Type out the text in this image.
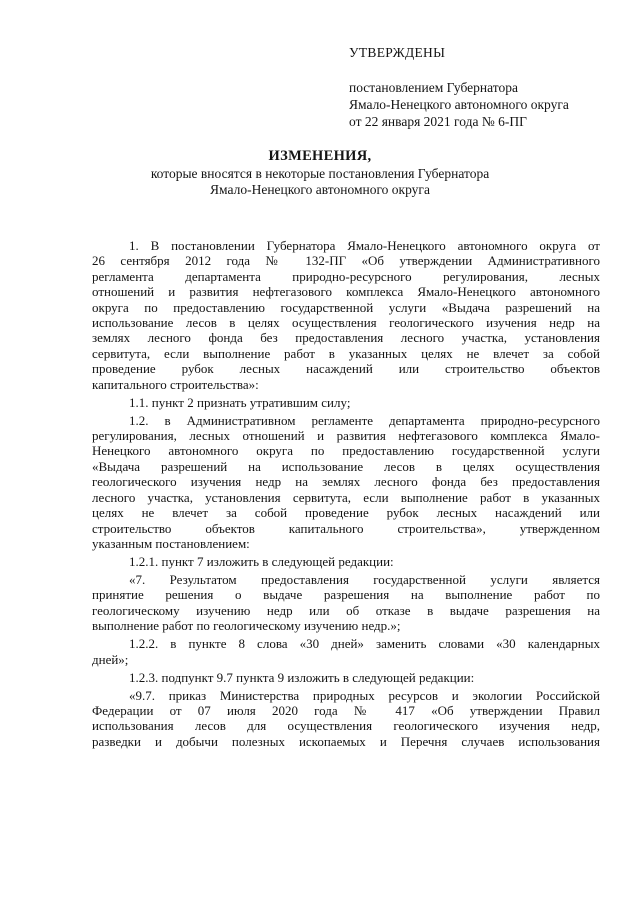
УТВЕРЖДЕНЫ
постановлением Губернатора
Ямало-Ненецкого автономного округа
от 22 января 2021 года № 6-ПГ
ИЗМЕНЕНИЯ,
которые вносятся в некоторые постановления Губернатора
Ямало-Ненецкого автономного округа
1. В постановлении Губернатора Ямало-Ненецкого автономного округа от
26 сентября 2012 года № 132-ПГ «Об утверждении Административного
регламента департамента природно-ресурсного регулирования, лесных
отношений и развития нефтегазового комплекса Ямало-Ненецкого автономного
округа по предоставлению государственной услуги «Выдача разрешений на
использование лесов в целях осуществления геологического изучения недр на
землях лесного фонда без предоставления лесного участка, установления
сервитута, если выполнение работ в указанных целях не влечет за собой
проведение рубок лесных насаждений или строительство объектов
капитального строительства»:
1.1. пункт 2 признать утратившим силу;
1.2. в Административном регламенте департамента природно-ресурсного
регулирования, лесных отношений и развития нефтегазового комплекса Ямало-
Ненецкого автономного округа по предоставлению государственной услуги
«Выдача разрешений на использование лесов в целях осуществления
геологического изучения недр на землях лесного фонда без предоставления
лесного участка, установления сервитута, если выполнение работ в указанных
целях не влечет за собой проведение рубок лесных насаждений или
строительство объектов капитального строительства», утвержденном
указанным постановлением:
1.2.1. пункт 7 изложить в следующей редакции:
«7. Результатом предоставления государственной услуги является
принятие решения о выдаче разрешения на выполнение работ по
геологическому изучению недр или об отказе в выдаче разрешения на
выполнение работ по геологическому изучению недр.»;
1.2.2. в пункте 8 слова «30 дней» заменить словами «30 календарных
дней»;
1.2.3. подпункт 9.7 пункта 9 изложить в следующей редакции:
«9.7. приказ Министерства природных ресурсов и экологии Российской
Федерации от 07 июля 2020 года № 417 «Об утверждении Правил
использования лесов для осуществления геологического изучения недр,
разведки и добычи полезных ископаемых и Перечня случаев использования
